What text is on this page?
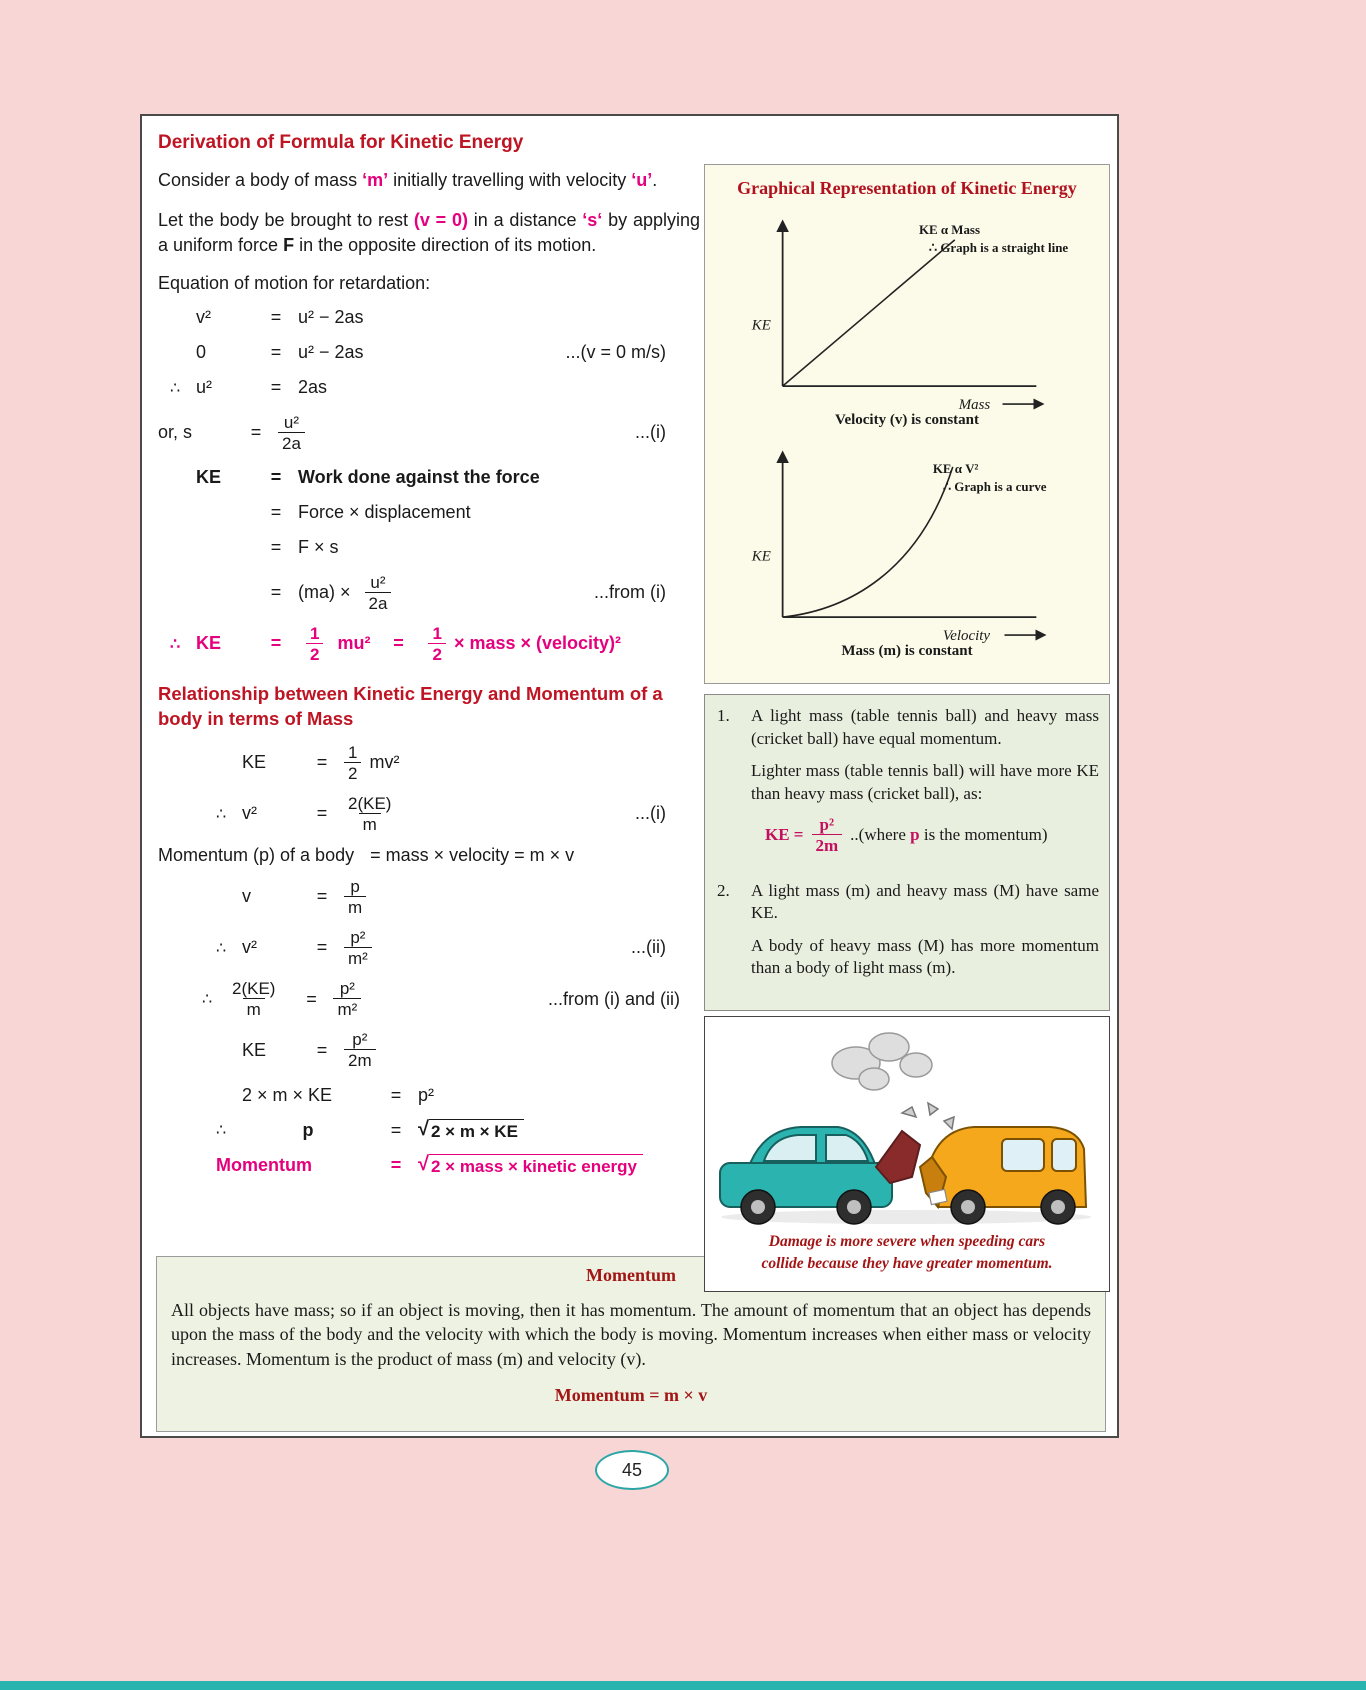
Derivation of Formula for Kinetic Energy

Consider a body of mass ‘m’ initially travelling with velocity ‘u’.

Let the body be brought to rest (v = 0) in a distance ‘s‘ by applying a uniform force F in the opposite direction of its motion.

Equation of motion for retardation:
v²	= u² − 2as
0	= u² − 2as	...(v = 0 m/s)
∴ u²	= 2as
or, s	= $\frac{\text{u²}}{2a}$	...(i)
KE	= Work done against the force
= Force × displacement
= F × s
= $(ma) \times \frac{\text{u²}}{2a}$	...from (i)
∴ KE	=	$\frac{1}{2} mu^2$	=	$\frac{1}{2}$ × mass × (velocity)²
Relationship between Kinetic Energy and Momentum of a body in terms of Mass
KE	= $\frac{1}{2} mv^2$
∴ v²	= $\frac{2(KE)}{m}$	...(i)
Momentum (p) of a body = mass × velocity = m × v
v	= $\frac{p}{m}$
∴ v²	= $\frac{\text{p²}}{\text{m²}}$	...(ii)
∴ $\frac{2(KE)}{m}$	= $\frac{\text{p²}}{\text{m²}}$	...from (i) and (ii)
KE	= $\frac{\text{p²}}{2m}$
2 × m × KE	= p²
∴	p	= √ 2 × m × KE
Momentum	= √ 2 × mass × kinetic energy
Graphical Representation of Kinetic Energy
KE
KE α Mass
∴ Graph is a straight line
Mass
Velocity (v) is constant
KE
KE α V²
∴ Graph is a curve
Velocity
Mass (m) is constant
1.	A light mass (table tennis ball) and heavy mass (cricket ball) have equal momentum.

Lighter mass (table tennis ball) will have more KE than heavy mass (cricket ball), as:

KE = $\frac{\text{p²}}{2m}$ ..(where p is the momentum)
2.	A light mass (m) and heavy mass (M) have same KE.

A body of heavy mass (M) has more momentum than a body of light mass (m).

Momentum
All objects have mass; so if an object is moving, then it has momentum. The amount of momentum that an object has depends upon the mass of the body and the velocity with which the body is moving. Momentum increases when either mass or velocity increases. Momentum is the product of mass (m) and velocity (v).
Momentum = m × v
Damage is more severe when speeding cars
collide because they have greater momentum.
45
